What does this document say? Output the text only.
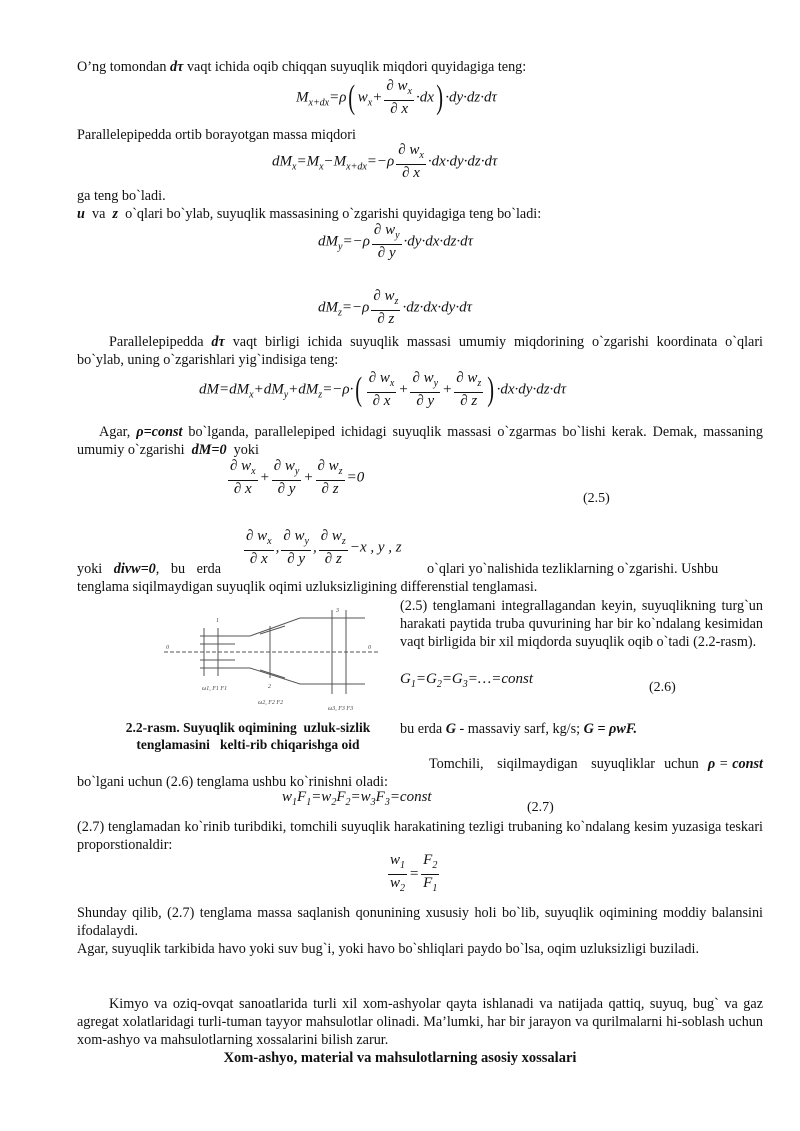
O’ng tomondan dτ vaqt ichida oqib chiqqan suyuqlik miqdori quyidagiga teng:
$M_{x+dx}=\rho$( $w_x+ \frac{\partial w_x}{\partial x} \cdot dx) \cdot dy\cdot dz\cdot d\tau$
Parallelepipedda ortib borayotgan massa miqdori
$dM_x=M_x-M_{x+dx}=-\rho \frac{\partial w_x}{\partial x} \cdot dx\cdot dy\cdot dz\cdot d\tau$
ga teng bo`ladi.
u  va  z  o`qlari bo`ylab, suyuqlik massasining o`zgarishi quyidagiga teng bo`ladi:
$dM_y=-\rho \frac{\partial w_y}{\partial y} \cdot dy\cdot dx\cdot dz\cdot d\tau$
$dM_z=-\rho \frac{\partial w_z}{\partial z} \cdot dz\cdot dx\cdot dy\cdot d\tau$
Parallelepipedda dτ vaqt birligi ichida suyuqlik massasi umumiy miqdorining o`zgarishi koordinata o`qlari bo`ylab, uning o`zgarishlari yig`indisiga teng:
$dM=dM_x+dM_y+dM_z=-\rho\cdot( \frac{\partial w_x}{\partial x} + \frac{\partial w_y}{\partial y} + \frac{\partial w_z}{\partial z}$ ) ·dx·dy·dz·dτ
Agar, ρ=const bo`lganda, parallelepiped ichidagi suyuqlik massasi o`zgarmas bo`lishi kerak. Demak, massaning umumiy o`zgarishi  dM=0  yoki
$\frac{\partial w_x}{\partial x} + \frac{\partial w_y}{\partial y} + \frac{\partial w_z}{\partial z} =0$
(2.5)
$\frac{\partial w_x}{\partial x}$ , $\frac{\partial w_y}{\partial y}$ , $\frac{\partial w_z}{\partial z} -x$ , y , z
yoki divw=0, bu erda	o`qlari yo`nalishida tezliklarning o`zgarishi. Ushbu
tenglama siqilmaydigan suyuqlik oqimi uzluksizligining differenstial tenglamasi.
0	0
ω1, F1 F1
ω2, F2 F2
ω3, F3 F3
1
3
2
2.2-rasm. Suyuqlik oqimining  uzluk-sizlik tenglamasini   kelti-rib chiqarishga oid
(2.5) tenglamani integrallagandan keyin, suyuqlikning turg`un harakati paytida truba quvurining har bir ko`ndalang kesimidan vaqt birligida bir xil miqdorda suyuqlik oqib o`tadi (2.2-rasm).
$G_1=G_2=G_3=\dots=const$
(2.6)
bu erda G - massaviy sarf, kg/s; G = ρwF.
Tomchili,   siqilmaydigan   suyuqliklar  uchun  ρ = const bo`lgani uchun (2.6) tenglama ushbu ko`rinishni oladi:
$w_1F_1=w_2F_2=w_3F_3=const$
(2.7)
(2.7) tenglamadan ko`rinib turibdiki, tomchili suyuqlik harakatining tezligi trubaning ko`ndalang kesim yuzasiga teskari proporstionaldir:
$\frac{w_1}{w_2} = \frac{F_2}{F_1}$
Shunday qilib, (2.7) tenglama massa saqlanish qonunining xususiy holi bo`lib, suyuqlik oqimining moddiy balansini ifodalaydi.
Agar, suyuqlik tarkibida havo yoki suv bug`i, yoki havo bo`shliqlari paydo bo`lsa, oqim uzluksizligi buziladi.
Kimyo va oziq-ovqat sanoatlarida turli xil xom-ashyolar qayta ishlanadi va natijada qattiq, suyuq, bug` va gaz agregat xolatlaridagi turli-tuman tayyor mahsulotlar olinadi. Ma’lumki, har bir jarayon va qurilmalarni hi-soblash uchun xom-ashyo va mahsulotlarning xossalarini bilish zarur.
Xom-ashyo, material va mahsulotlarning asosiy xossalari
